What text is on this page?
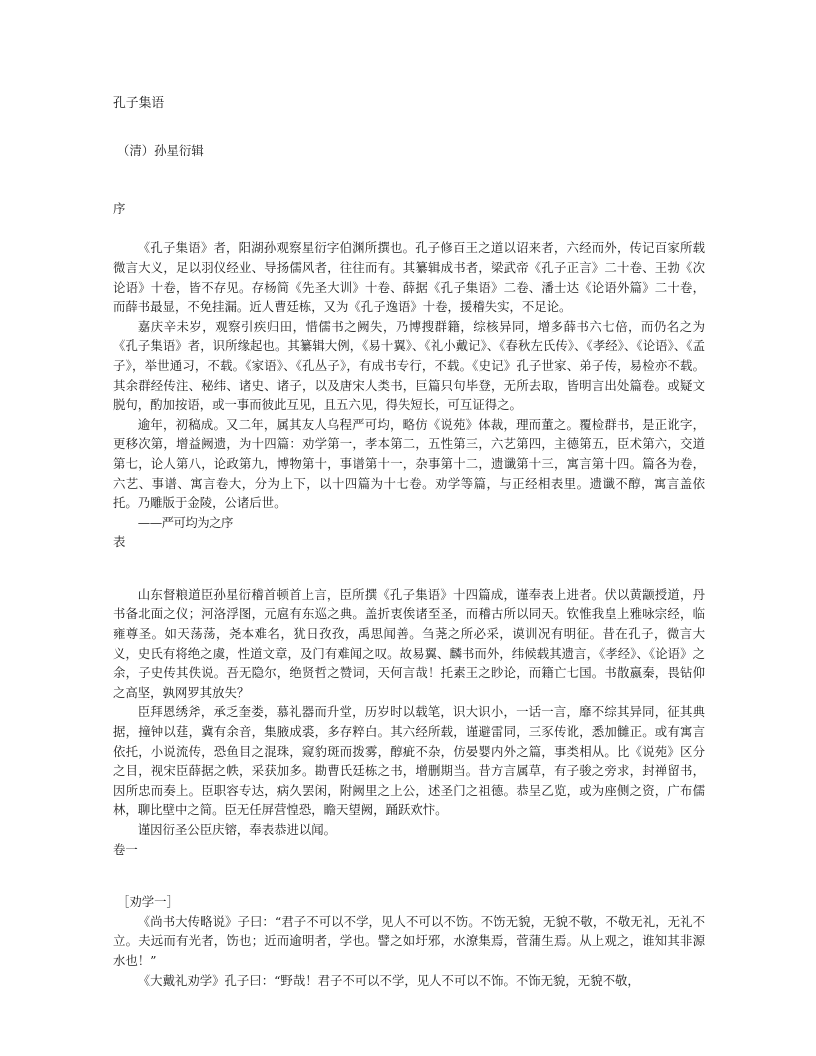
孔子集语
（清）孙星衍辑
序

《孔子集语》者，阳湖孙观察星衍字伯渊所撰也。孔子修百王之道以诏来者，六经而外，传记百家所载微言大义，足以羽仪经业、导扬儒风者，往往而有。其纂辑成书者，梁武帝《孔子正言》二十卷、王勃《次论语》十卷，皆不存见。存杨简《先圣大训》十卷、薛据《孔子集语》二卷、潘士达《论语外篇》二十卷，而薛书最显，不免挂漏。近人曹廷栋，又为《孔子逸语》十卷，援稽失实，不足论。

嘉庆辛未岁，观察引疾归田，惜儒书之阙失，乃博搜群籍，综核异同，增多薛书六七倍，而仍名之为《孔子集语》者，识所缘起也。其纂辑大例，《易十翼》、《礼小戴记》、《春秋左氏传》、《孝经》、《论语》、《孟子》，举世通习，不载。《家语》、《孔丛子》，有成书专行，不载。《史记》孔子世家、弟子传，易检亦不载。其余群经传注、秘纬、诸史、诸子，以及唐宋人类书，巨篇只句毕登，无所去取，皆明言出处篇卷。或疑文脱句，酌加按语，或一事而彼此互见，且五六见，得失短长，可互证得之。

逾年，初稿成。又二年，属其友人乌程严可均，略仿《说苑》体裁，理而董之。覆检群书，是正讹字，更移次第，增益阙遗，为十四篇：劝学第一，孝本第二，五性第三，六艺第四，主德第五，臣术第六，交道第七，论人第八，论政第九，博物第十，事谱第十一，杂事第十二，遗谶第十三，寓言第十四。篇各为卷，六艺、事谱、寓言卷大，分为上下，以十四篇为十七卷。劝学等篇，与正经相表里。遗谶不醇，寓言盖依托。乃雕版于金陵，公诸后世。

——严可均为之序

表

山东督粮道臣孙星衍稽首顿首上言，臣所撰《孔子集语》十四篇成，谨奉表上进者。伏以黄颛授道，丹书备北面之仪；河洛浮图，元扈有东巡之典。盖折衷俟诸至圣，而稽古所以同天。钦惟我皇上雅咏宗经，临雍尊圣。如天荡荡，尧本难名，犹日孜孜，禹思闻善。刍荛之所必采，谟训况有明征。昔在孔子，微言大义，史氏有将绝之虞，性道文章，及门有难闻之叹。故易翼、麟书而外，纬候载其遗言，《孝经》、《论语》之余，子史传其佚说。吾无隐尔，绝贤哲之赞词，天何言哉！托素王之眇论，而籍亡七国。书散嬴秦，畏钻仰之高坚，孰网罗其放失？

臣拜恩绣斧，承乏奎娄，慕礼器而升堂，历岁时以载笔，识大识小，一话一言，靡不综其异同，征其典据，撞钟以莛，冀有余音，集腋成裘，多存粹白。其六经所载，谨避雷同，三豕传讹，悉加雠正。或有寓言依托，小说流传，恐鱼目之混珠，窥豹斑而拨雾，醇疵不杂，仿晏婴内外之篇，事类相从。比《说苑》区分之目，视宋臣薛据之帙，采获加多。勘曹氏廷栋之书，增删期当。昔方言属草，有子骏之旁求，封禅留书，因所忠而奏上。臣职容专达，病久罢闲，附阙里之上公，述圣门之祖德。恭呈乙览，或为座侧之资，广布儒林，聊比壁中之简。臣无任屏营惶恐，瞻天望阙，踊跃欢忭。

谨因衍圣公臣庆镕，奉表恭进以闻。

卷一
［劝学一］

《尚书大传略说》子曰：“君子不可以不学，见人不可以不饬。不饬无貌，无貌不敬，不敬无礼，无礼不立。夫远而有光者，饬也；近而逾明者，学也。譬之如圩邪，水潦集焉，菅蒲生焉。从上观之，谁知其非源水也！”

《大戴礼劝学》孔子曰：“野哉！君子不可以不学，见人不可以不饰。不饰无貌，无貌不敬，
